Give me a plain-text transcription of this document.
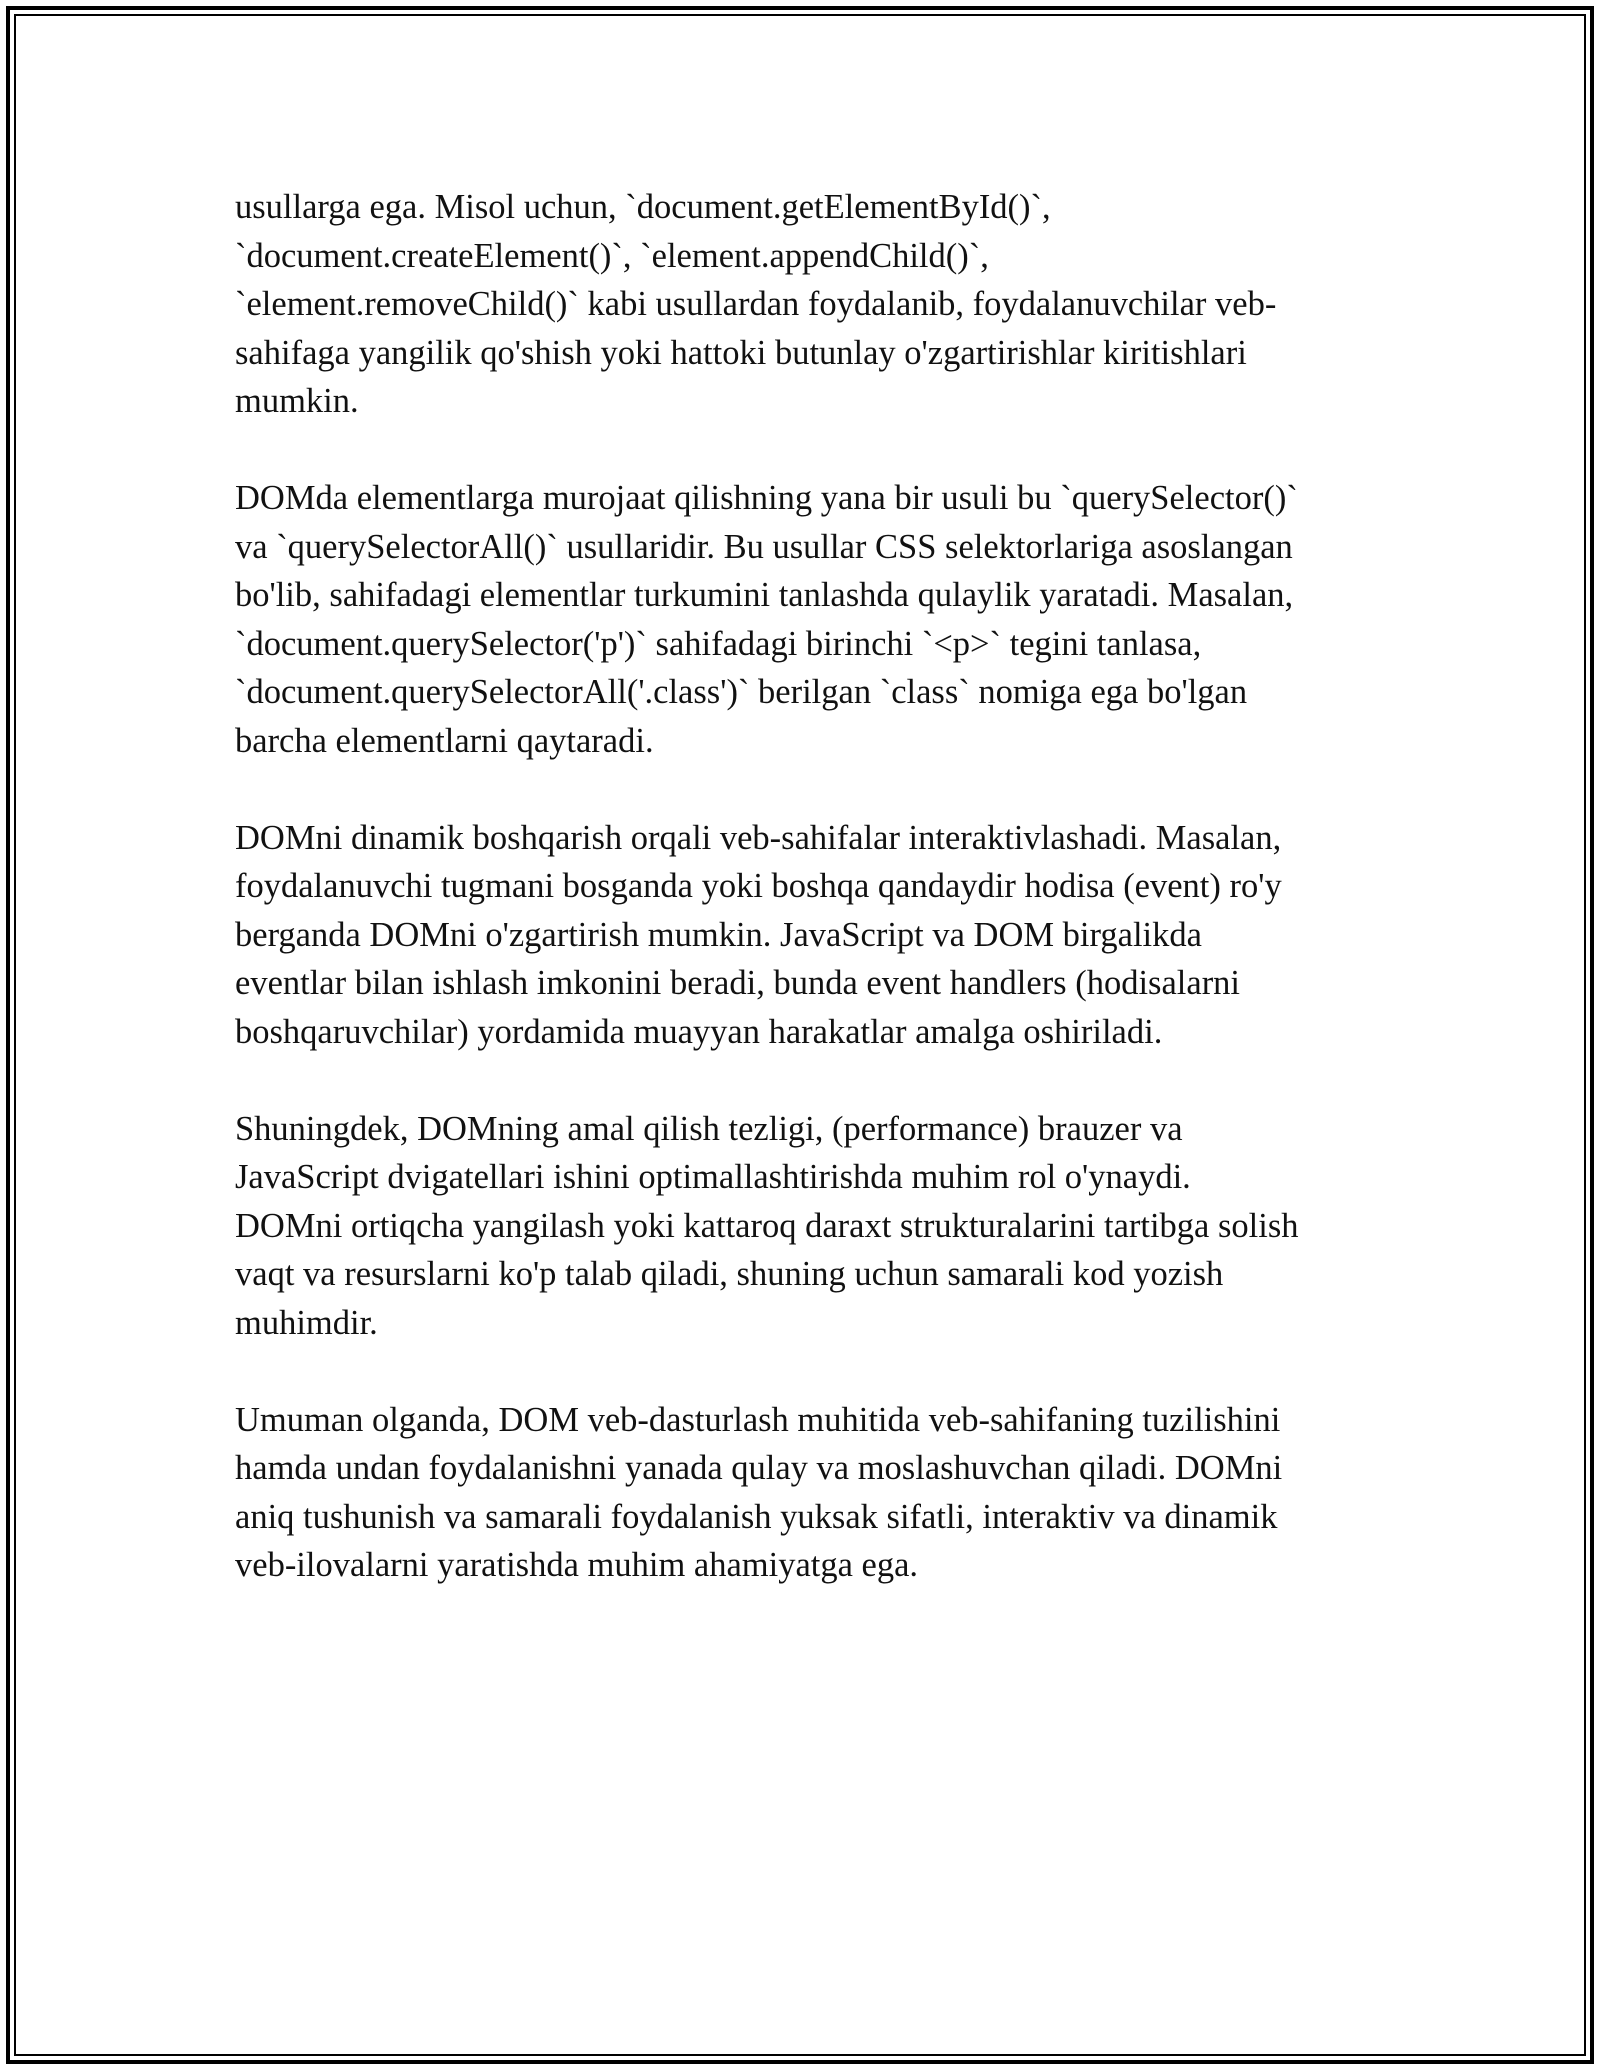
usullarga ega. Misol uchun, `document.getElementById()`,
`document.createElement()`, `element.appendChild()`,
`element.removeChild()` kabi usullardan foydalanib, foydalanuvchilar veb-
sahifaga yangilik qo'shish yoki hattoki butunlay o'zgartirishlar kiritishlari
mumkin.

DOMda elementlarga murojaat qilishning yana bir usuli bu `querySelector()`
va `querySelectorAll()` usullaridir. Bu usullar CSS selektorlariga asoslangan
bo'lib, sahifadagi elementlar turkumini tanlashda qulaylik yaratadi. Masalan,
`document.querySelector('p')` sahifadagi birinchi `<p>` tegini tanlasa,
`document.querySelectorAll('.class')` berilgan `class` nomiga ega bo'lgan
barcha elementlarni qaytaradi.

DOMni dinamik boshqarish orqali veb-sahifalar interaktivlashadi. Masalan,
foydalanuvchi tugmani bosganda yoki boshqa qandaydir hodisa (event) ro'y
berganda DOMni o'zgartirish mumkin. JavaScript va DOM birgalikda
eventlar bilan ishlash imkonini beradi, bunda event handlers (hodisalarni
boshqaruvchilar) yordamida muayyan harakatlar amalga oshiriladi.

Shuningdek, DOMning amal qilish tezligi, (performance) brauzer va
JavaScript dvigatellari ishini optimallashtirishda muhim rol o'ynaydi.
DOMni ortiqcha yangilash yoki kattaroq daraxt strukturalarini tartibga solish
vaqt va resurslarni ko'p talab qiladi, shuning uchun samarali kod yozish
muhimdir.

Umuman olganda, DOM veb-dasturlash muhitida veb-sahifaning tuzilishini
hamda undan foydalanishni yanada qulay va moslashuvchan qiladi. DOMni
aniq tushunish va samarali foydalanish yuksak sifatli, interaktiv va dinamik
veb-ilovalarni yaratishda muhim ahamiyatga ega.
